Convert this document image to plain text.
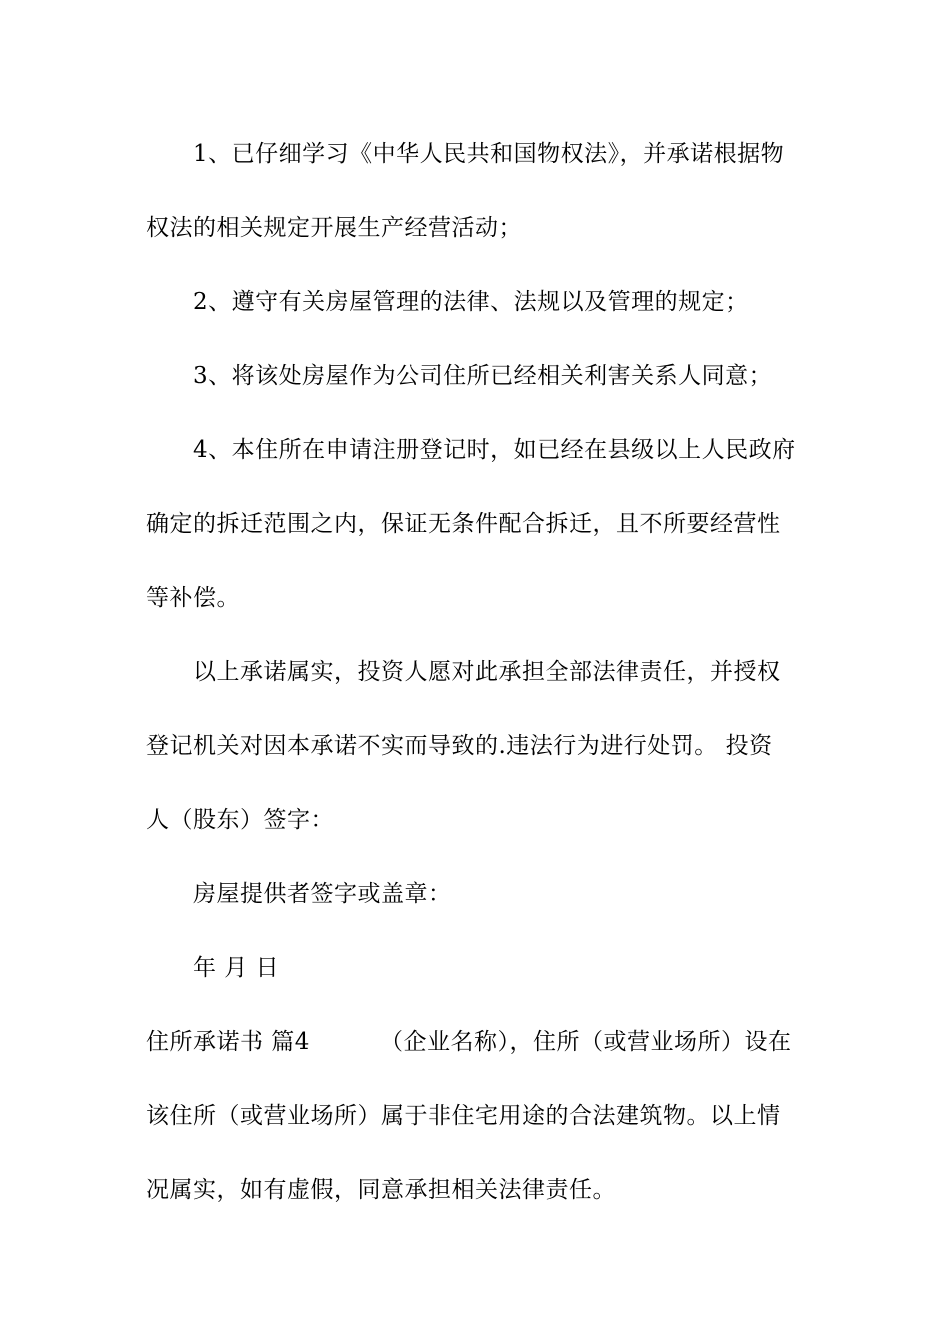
1、已仔细学习《中华人民共和国物权法》，并承诺根据物
权法的相关规定开展生产经营活动；
2、遵守有关房屋管理的法律、法规以及管理的规定；
3、将该处房屋作为公司住所已经相关利害关系人同意；
4、本住所在申请注册登记时，如已经在县级以上人民政府
确定的拆迁范围之内，保证无条件配合拆迁，且不所要经营性
等补偿。
以上承诺属实，投资人愿对此承担全部法律责任，并授权
登记机关对因本承诺不实而导致的.违法行为进行处罚。 投资
人（股东）签字：
房屋提供者签字或盖章：
年 月 日
住所承诺书 篇4	（企业名称），住所（或营业场所）设在
该住所（或营业场所）属于非住宅用途的合法建筑物。以上情
况属实，如有虚假，同意承担相关法律责任。
